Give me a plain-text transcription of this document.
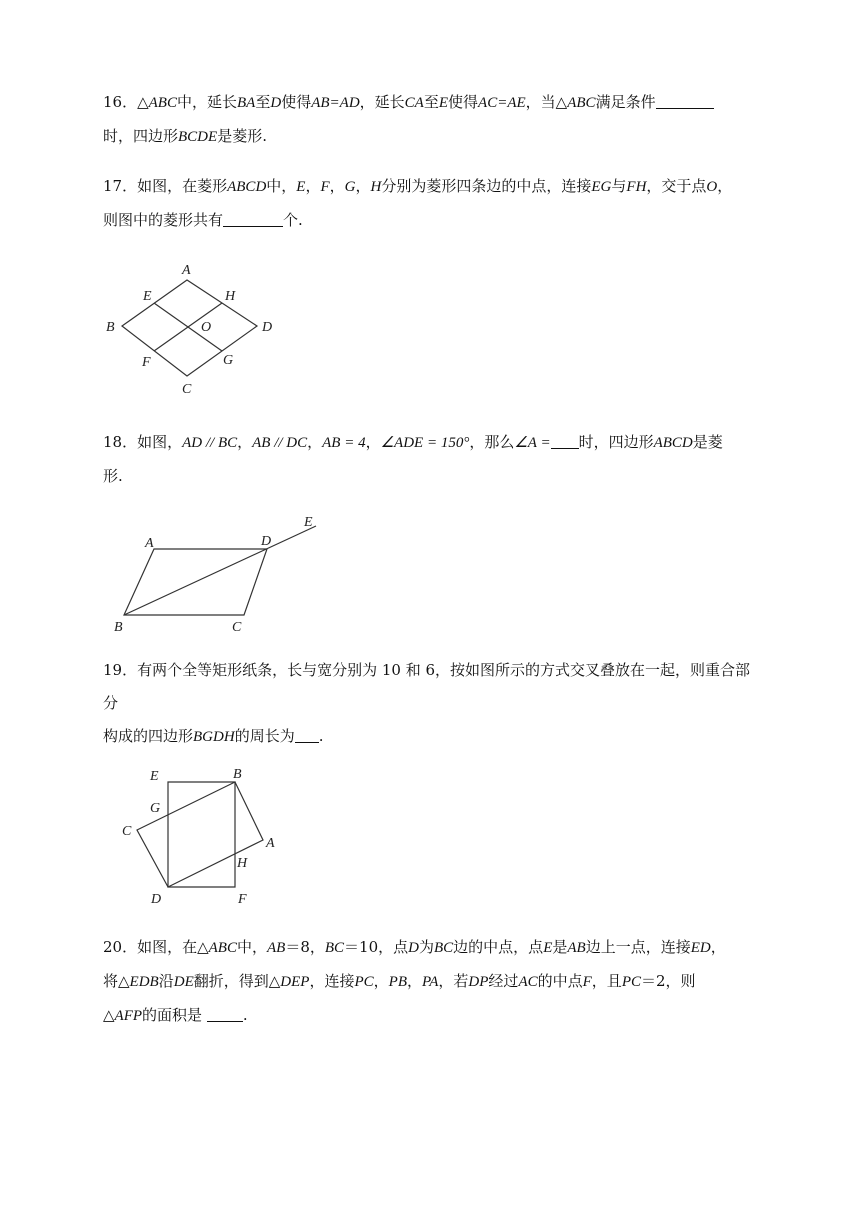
16．△ABC中，延长BA至D使得AB=AD，延长CA至E使得AC=AE，当△ABC满足条件

时，四边形BCDE是菱形.

17．如图，在菱形ABCD中，E，F，G，H分别为菱形四条边的中点，连接EG与FH，交于点O，

则图中的菱形共有	个.

A
B
C
D
E
F	G
H
O

18．如图，AD // BC，AB // DC，AB = 4，∠ADE = 150°，那么∠A = 时，四边形ABCD是菱

形.

A
B	C
D
E

19．有两个全等矩形纸条，长与宽分别为 10 和 6，按如图所示的方式交叉叠放在一起，则重合部分

构成的四边形BGDH的周长为 .

E	B
G
C
A
H
D	F

20．如图，在△ABC中，AB＝8，BC＝10，点D为BC边的中点，点E是AB边上一点，连接ED，

将△EDB沿DE翻折，得到△DEP，连接PC，PB，PA，若DP经过AC的中点F，且PC＝2，则

△AFP的面积是	.
